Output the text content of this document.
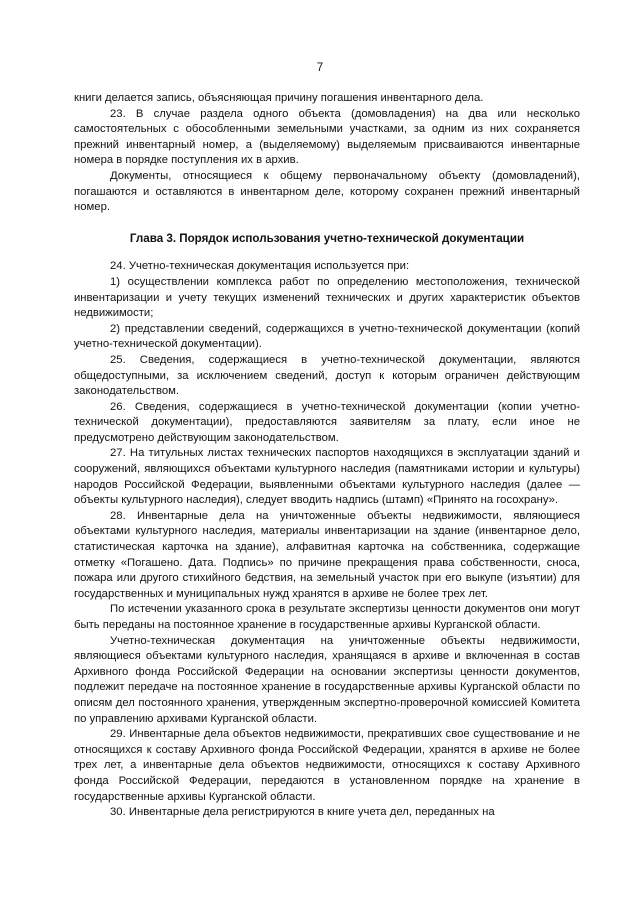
7

книги делается запись, объясняющая причину погашения инвентарного дела.

23. В случае раздела одного объекта (домовладения) на два или несколько самостоятельных с обособленными земельными участками, за одним из них сохраняется прежний инвентарный номер, а (выделяемому) выделяемым присваиваются инвентарные номера в порядке поступления их в архив.

Документы, относящиеся к общему первоначальному объекту (домовладений), погашаются и оставляются в инвентарном деле, которому сохранен прежний инвентарный номер.

Глава 3. Порядок использования учетно-технической документации

24. Учетно-техническая документация используется при:

1) осуществлении комплекса работ по определению местоположения, технической инвентаризации и учету текущих изменений технических и других характеристик объектов недвижимости;

2) представлении сведений, содержащихся в учетно-технической документации (копий учетно-технической документации).

25. Сведения, содержащиеся в учетно-технической документации, являются общедоступными, за исключением сведений, доступ к которым ограничен действующим законодательством.

26. Сведения, содержащиеся в учетно-технической документации (копии учетно-технической документации), предоставляются заявителям за плату, если иное не предусмотрено действующим законодательством.

27. На титульных листах технических паспортов находящихся в эксплуатации зданий и сооружений, являющихся объектами культурного наследия (памятниками истории и культуры) народов Российской Федерации, выявленными объектами культурного наследия (далее — объекты культурного наследия), следует вводить надпись (штамп) «Принято на госохрану».

28. Инвентарные дела на уничтоженные объекты недвижимости, являющиеся объектами культурного наследия, материалы инвентаризации на здание (инвентарное дело, статистическая карточка на здание), алфавитная карточка на собственника, содержащие отметку «Погашено. Дата. Подпись» по причине прекращения права собственности, сноса, пожара или другого стихийного бедствия, на земельный участок при его выкупе (изъятии) для государственных и муниципальных нужд хранятся в архиве не более трех лет.

По истечении указанного срока в результате экспертизы ценности документов они могут быть переданы на постоянное хранение в государственные архивы Курганской области.

Учетно-техническая документация на уничтоженные объекты недвижимости, являющиеся объектами культурного наследия, хранящаяся в архиве и включенная в состав Архивного фонда Российской Федерации на основании экспертизы ценности документов, подлежит передаче на постоянное хранение в государственные архивы Курганской области по описям дел постоянного хранения, утвержденным экспертно-проверочной комиссией Комитета по управлению архивами Курганской области.

29. Инвентарные дела объектов недвижимости, прекративших свое существование и не относящихся к составу Архивного фонда Российской Федерации, хранятся в архиве не более трех лет, а инвентарные дела объектов недвижимости, относящихся к составу Архивного фонда Российской Федерации, передаются в установленном порядке на хранение в государственные архивы Курганской области.

30. Инвентарные дела регистрируются в книге учета дел, переданных на
